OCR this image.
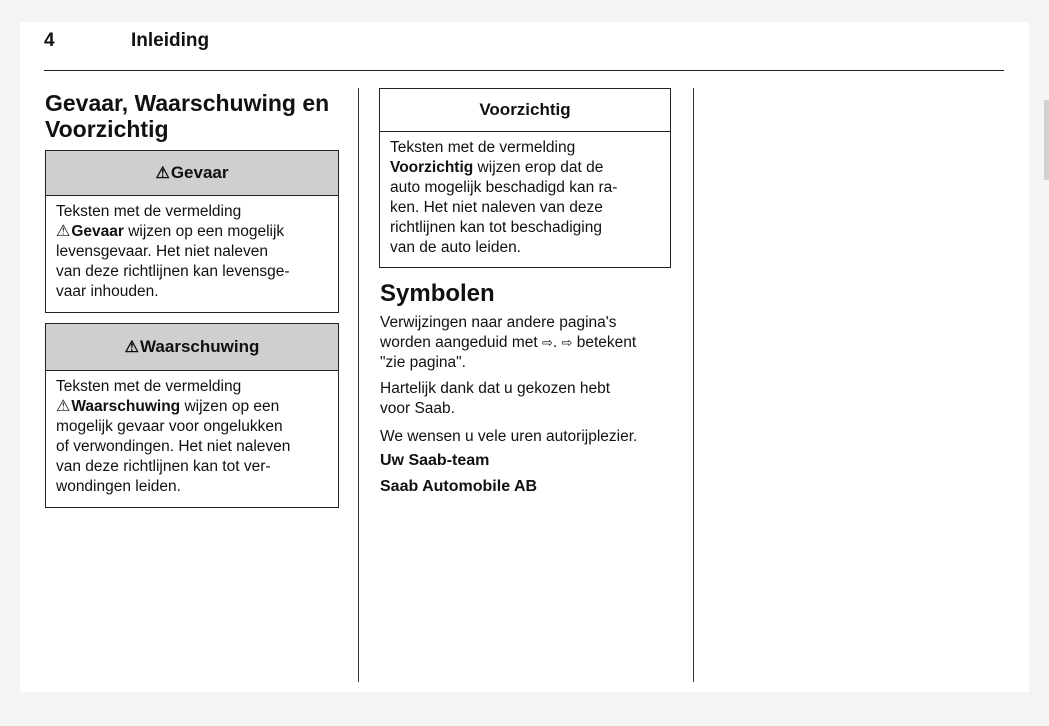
4	Inleiding
Gevaar, Waarschuwing en
Voorzichtig
⚠ Gevaar
Teksten met de vermelding
⚠Gevaar wijzen op een mogelijk
levensgevaar. Het niet naleven
van deze richtlijnen kan levensge-
vaar inhouden.
⚠ Waarschuwing
Teksten met de vermelding
⚠Waarschuwing wijzen op een
mogelijk gevaar voor ongelukken
of verwondingen. Het niet naleven
van deze richtlijnen kan tot ver-
wondingen leiden.
Voorzichtig
Teksten met de vermelding
Voorzichtig wijzen erop dat de
auto mogelijk beschadigd kan ra-
ken. Het niet naleven van deze
richtlijnen kan tot beschadiging
van de auto leiden.
Symbolen
Verwijzingen naar andere pagina's
worden aangeduid met ⇨. ⇨ betekent
"zie pagina".
Hartelijk dank dat u gekozen hebt
voor Saab.
We wensen u vele uren autorijplezier.
Uw Saab-team
Saab Automobile AB
